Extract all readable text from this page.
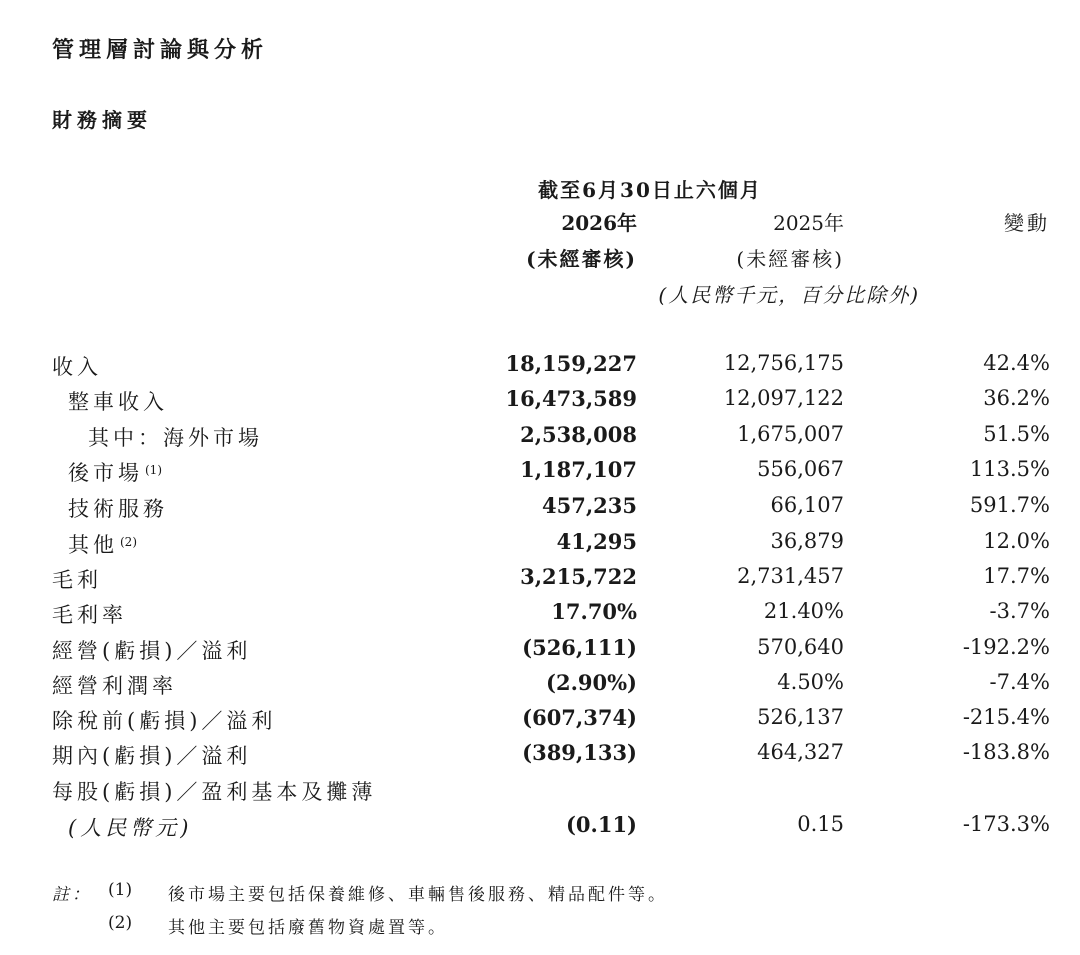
管理層討論與分析
財務摘要
截至6月30日止六個月
2026年	2025年	變動
(未經審核)	(未經審核)
(人民幣千元，百分比除外)
收入	18,159,227	12,756,175	42.4%
整車收入	16,473,589	12,097,122	36.2%
其中：海外市場	2,538,008	1,675,007	51.5%
後市場 $^{(1)}$	1,187,107	556,067	113.5%
技術服務	457,235	66,107	591.7%
其他 $^{(2)}$	41,295	36,879	12.0%
毛利	3,215,722	2,731,457	17.7%
毛利率	17.70%	21.40%	-3.7%
經營(虧損)／溢利	(526,111)	570,640	-192.2%
經營利潤率	(2.90%)	4.50%	-7.4%
除稅前(虧損)／溢利	(607,374)	526,137	-215.4%
期內(虧損)／溢利	(389,133)	464,327	-183.8%
每股(虧損)／盈利基本及攤薄
(人民幣元)	(0.11)	0.15	-173.3%
註： (1) 後市場主要包括保養維修、車輛售後服務、精品配件等。
(2) 其他主要包括廢舊物資處置等。
